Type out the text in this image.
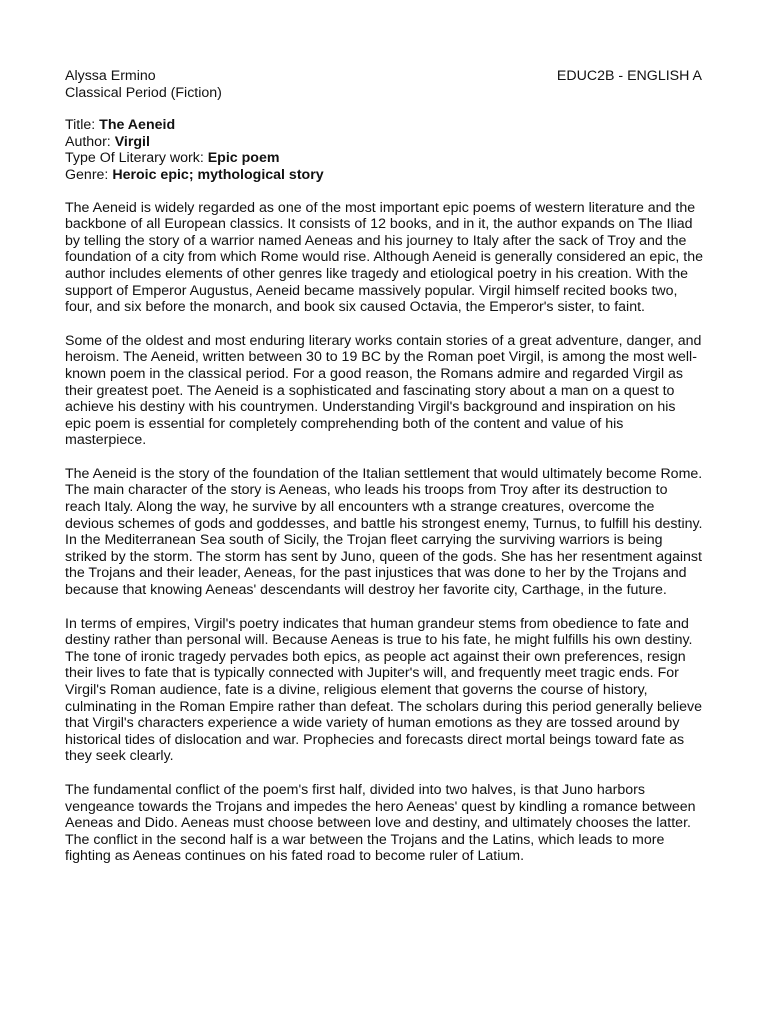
Alyssa Ermino	EDUC2B - ENGLISH A
Classical Period (Fiction)
Title: The Aeneid
Author: Virgil
Type Of Literary work: Epic poem
Genre: Heroic epic; mythological story

The Aeneid is widely regarded as one of the most important epic poems of western literature and the backbone of all European classics. It consists of 12 books, and in it, the author expands on The Iliad by telling the story of a warrior named Aeneas and his journey to Italy after the sack of Troy and the foundation of a city from which Rome would rise. Although Aeneid is generally considered an epic, the author includes elements of other genres like tragedy and etiological poetry in his creation. With the support of Emperor Augustus, Aeneid became massively popular. Virgil himself recited books two, four, and six before the monarch, and book six caused Octavia, the Emperor's sister, to faint.

Some of the oldest and most enduring literary works contain stories of a great adventure, danger, and heroism. The Aeneid, written between 30 to 19 BC by the Roman poet Virgil, is among the most well-known poem in the classical period. For a good reason, the Romans admire and regarded Virgil as their greatest poet. The Aeneid is a sophisticated and fascinating story about a man on a quest to achieve his destiny with his countrymen. Understanding Virgil's background and inspiration on his epic poem is essential for completely comprehending both of the content and value of his masterpiece.

The Aeneid is the story of the foundation of the Italian settlement that would ultimately become Rome. The main character of the story is Aeneas, who leads his troops from Troy after its destruction to reach Italy. Along the way, he survive by all encounters wth a strange creatures, overcome the devious schemes of gods and goddesses, and battle his strongest enemy, Turnus, to fulfill his destiny. In the Mediterranean Sea south of Sicily, the Trojan fleet carrying the surviving warriors is being striked by the storm. The storm has sent by Juno, queen of the gods. She has her resentment against the Trojans and their leader, Aeneas, for the past injustices that was done to her by the Trojans and because that knowing Aeneas' descendants will destroy her favorite city, Carthage, in the future.

In terms of empires, Virgil's poetry indicates that human grandeur stems from obedience to fate and destiny rather than personal will. Because Aeneas is true to his fate, he might fulfills his own destiny. The tone of ironic tragedy pervades both epics, as people act against their own preferences, resign their lives to fate that is typically connected with Jupiter's will, and frequently meet tragic ends. For Virgil's Roman audience, fate is a divine, religious element that governs the course of history, culminating in the Roman Empire rather than defeat. The scholars during this period generally believe that Virgil's characters experience a wide variety of human emotions as they are tossed around by historical tides of dislocation and war. Prophecies and forecasts direct mortal beings toward fate as they seek clearly.

The fundamental conflict of the poem's first half, divided into two halves, is that Juno harbors vengeance towards the Trojans and impedes the hero Aeneas' quest by kindling a romance between Aeneas and Dido. Aeneas must choose between love and destiny, and ultimately chooses the latter. The conflict in the second half is a war between the Trojans and the Latins, which leads to more fighting as Aeneas continues on his fated road to become ruler of Latium.
